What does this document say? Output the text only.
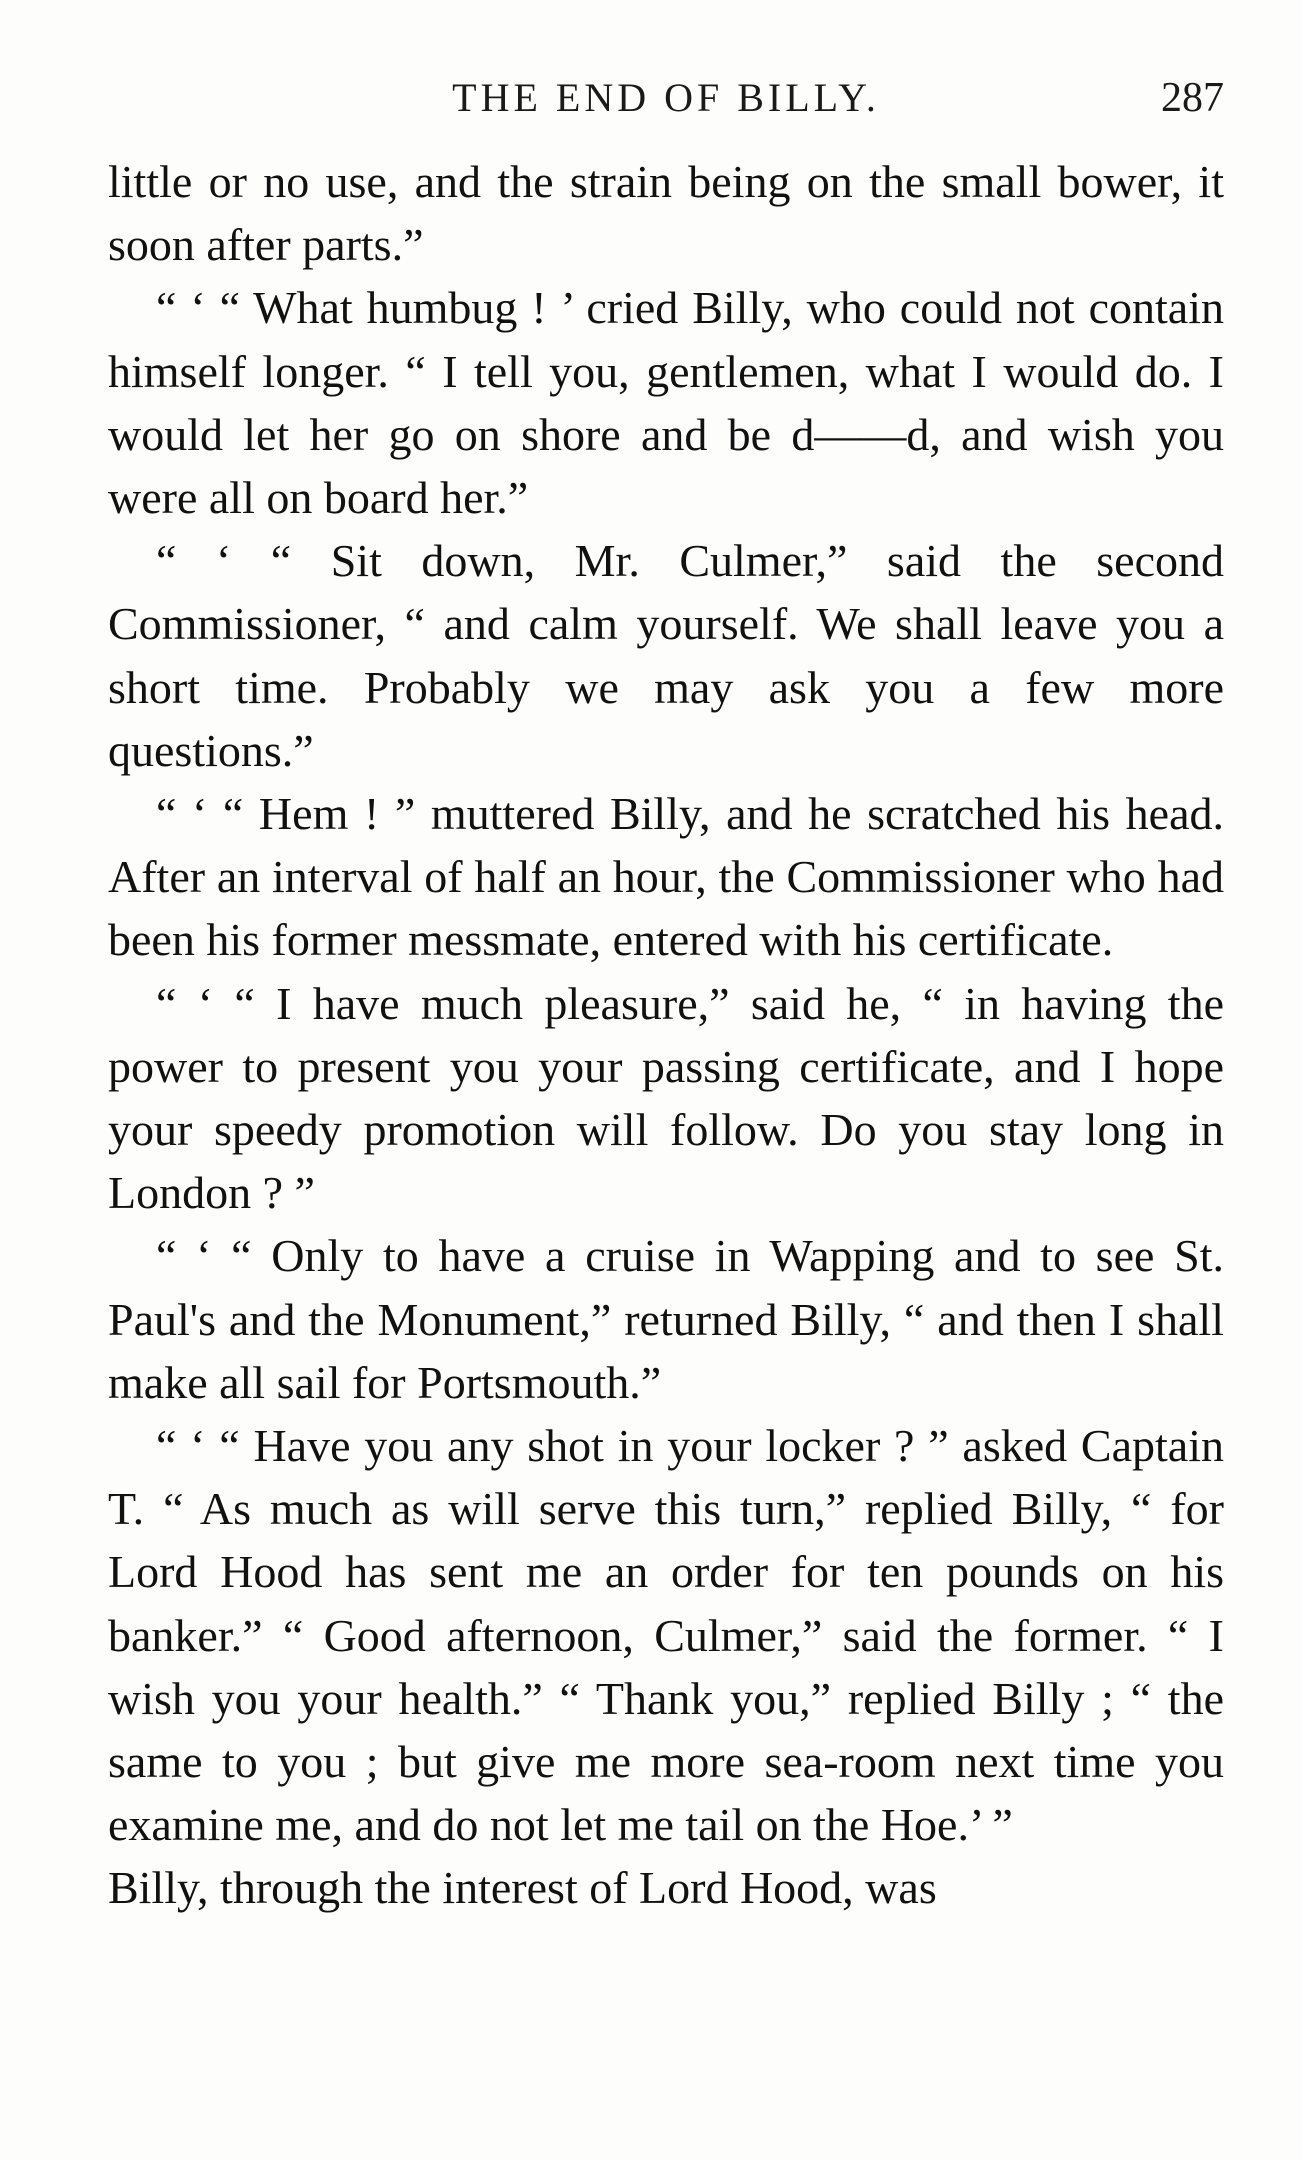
THE END OF BILLY.	287

little or no use, and the strain being on the small bower, it soon after parts.”

“ ‘ “ What humbug ! ’ cried Billy, who could not contain himself longer. “ I tell you, gentlemen, what I would do. I would let her go on shore and be d——d, and wish you were all on board her.”

“ ‘ “ Sit down, Mr. Culmer,” said the second Commissioner, “ and calm yourself. We shall leave you a short time. Probably we may ask you a few more questions.”

“ ‘ “ Hem ! ” muttered Billy, and he scratched his head. After an interval of half an hour, the Commissioner who had been his former messmate, entered with his certificate.

“ ‘ “ I have much pleasure,” said he, “ in having the power to present you your passing certificate, and I hope your speedy promotion will follow. Do you stay long in London ? ”

“ ‘ “ Only to have a cruise in Wapping and to see St. Paul's and the Monument,” returned Billy, “ and then I shall make all sail for Portsmouth.”

“ ‘ “ Have you any shot in your locker ? ” asked Captain T. “ As much as will serve this turn,” replied Billy, “ for Lord Hood has sent me an order for ten pounds on his banker.” “ Good afternoon, Culmer,” said the former. “ I wish you your health.” “ Thank you,” replied Billy ; “ the same to you ; but give me more sea-room next time you examine me, and do not let me tail on the Hoe.’ ”

Billy, through the interest of Lord Hood, was
